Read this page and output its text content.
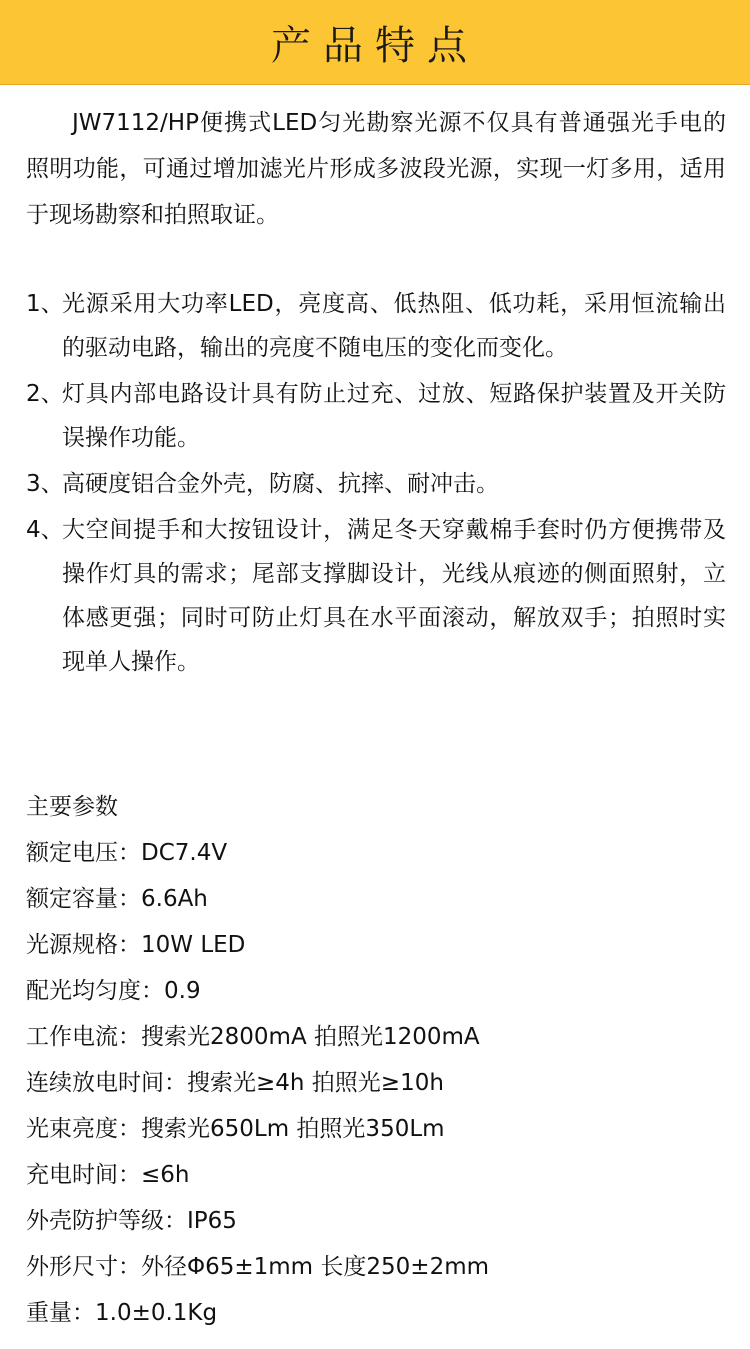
产品特点

JW7112/HP便携式LED匀光勘察光源不仅具有普通强光手电的照明功能，可通过增加滤光片形成多波段光源，实现一灯多用，适用于现场勘察和拍照取证。

1、
光源采用大功率LED，亮度高、低热阻、低功耗，采用恒流输出的驱动电路，输出的亮度不随电压的变化而变化。
2、
灯具内部电路设计具有防止过充、过放、短路保护装置及开关防误操作功能。
3、
高硬度铝合金外壳，防腐、抗摔、耐冲击。
4、
大空间提手和大按钮设计，满足冬天穿戴棉手套时仍方便携带及操作灯具的需求；尾部支撑脚设计，光线从痕迹的侧面照射，立体感更强；同时可防止灯具在水平面滚动，解放双手；拍照时实现单人操作。
主要参数
额定电压：DC7.4V
额定容量：6.6Ah
光源规格：10W LED
配光均匀度：0.9
工作电流：搜索光2800mA 拍照光1200mA
连续放电时间：搜索光≥4h 拍照光≥10h
光束亮度：搜索光650Lm 拍照光350Lm
充电时间：≤6h
外壳防护等级：IP65
外形尺寸：外径Φ65±1mm 长度250±2mm
重量：1.0±0.1Kg
